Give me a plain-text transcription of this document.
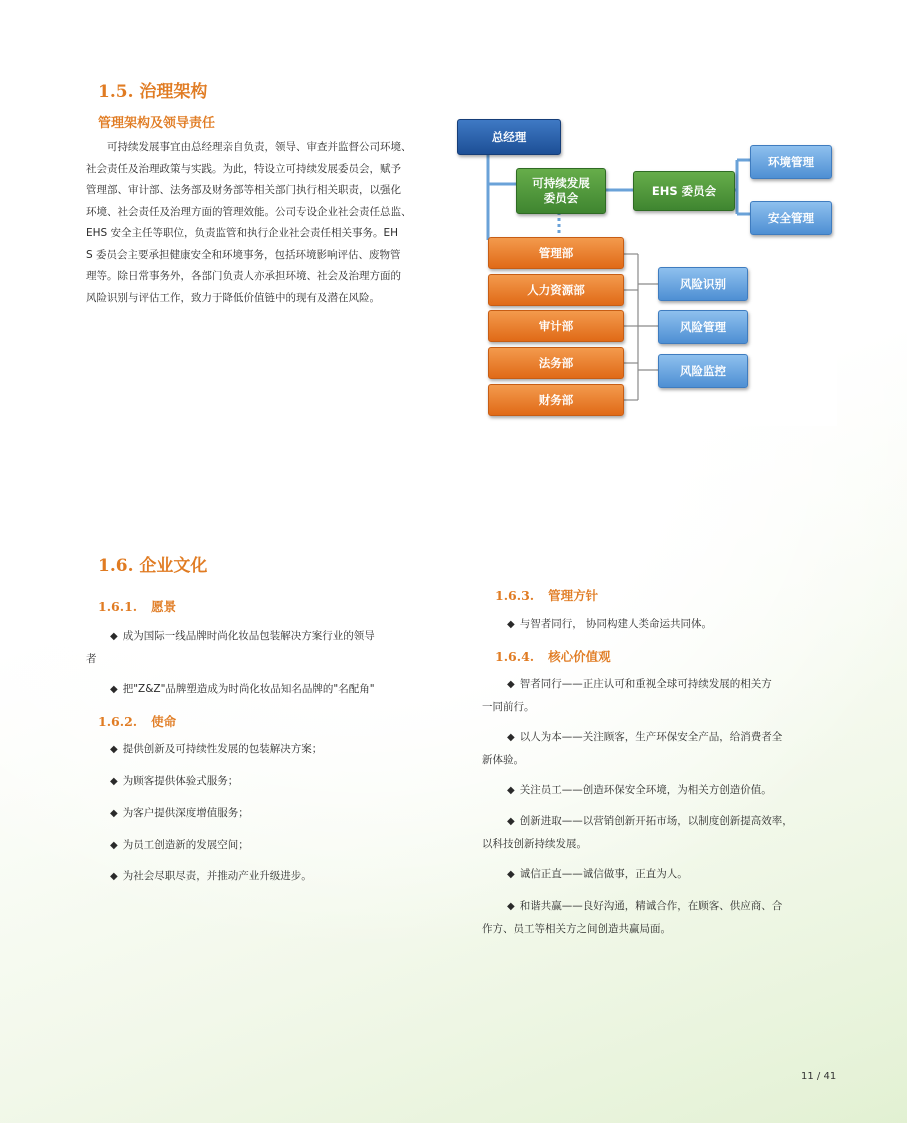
1.5. 治理架构
管理架构及领导责任
　　可持续发展事宜由总经理亲自负责，领导、审查并监督公司环境、
社会责任及治理政策与实践。为此，特设立可持续发展委员会，赋予
管理部、审计部、法务部及财务部等相关部门执行相关职责，以强化
环境、社会责任及治理方面的管理效能。公司专设企业社会责任总监、
EHS 安全主任等职位，负责监管和执行企业社会责任相关事务。EH
S 委员会主要承担健康安全和环境事务，包括环境影响评估、废物管
理等。除日常事务外，各部门负责人亦承担环境、社会及治理方面的
风险识别与评估工作，致力于降低价值链中的现有及潜在风险。
总经理
可持续发展
委员会
EHS 委员会
环境管理
安全管理
管理部
人力资源部
审计部
法务部
财务部
风险识别
风险管理
风险监控
1.6. 企业文化
1.6.1. 愿景
◆ 成为国际一线品牌时尚化妆品包装解决方案行业的领导
者
◆ 把"Z&Z"品牌塑造成为时尚化妆品知名品牌的"名配角"
1.6.2. 使命
◆ 提供创新及可持续性发展的包装解决方案；
◆ 为顾客提供体验式服务；
◆ 为客户提供深度增值服务；
◆ 为员工创造新的发展空间；
◆ 为社会尽职尽责，并推动产业升级进步。
1.6.3. 管理方针
◆ 与智者同行， 协同构建人类命运共同体。
1.6.4. 核心价值观
◆ 智者同行——正庄认可和重视全球可持续发展的相关方
一同前行。
◆ 以人为本——关注顾客，生产环保安全产品，给消费者全
新体验。
◆ 关注员工——创造环保安全环境，为相关方创造价值。
◆ 创新进取——以营销创新开拓市场，以制度创新提高效率，
以科技创新持续发展。
◆ 诚信正直——诚信做事，正直为人。
◆ 和谐共赢——良好沟通，精诚合作，在顾客、供应商、合
作方、员工等相关方之间创造共赢局面。
11 / 41
